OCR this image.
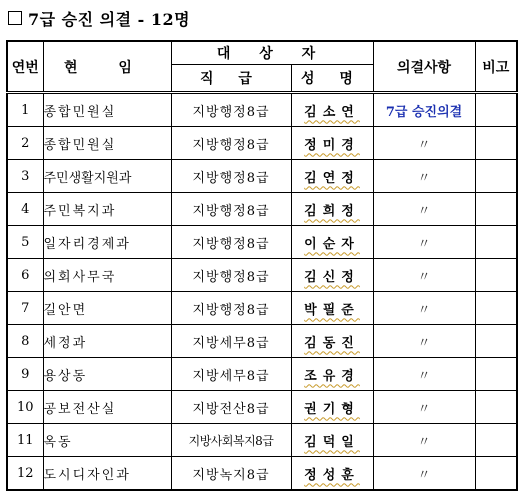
7급 승진 의결 - 12명
연번	현 임	대 상 자		의결사항	비고
		직 급	성 명		
1	종합민원실	지방행정8급	김소연	7급 승진의결	
2	종합민원실	지방행정8급	정미경	〃	
3	주민생활지원과	지방행정8급	김연정	〃	
4	주민복지과	지방행정8급	김희정	〃	
5	일자리경제과	지방행정8급	이순자	〃	
6	의회사무국	지방행정8급	김신정	〃	
7	길안면	지방행정8급	박필준	〃	
8	세정과	지방세무8급	김동진	〃	
9	용상동	지방세무8급	조유경	〃	
10	공보전산실	지방전산8급	권기형	〃	
11	옥동	지방사회복지8급	김덕일	〃	
12	도시디자인과	지방녹지8급	정성훈	〃	
